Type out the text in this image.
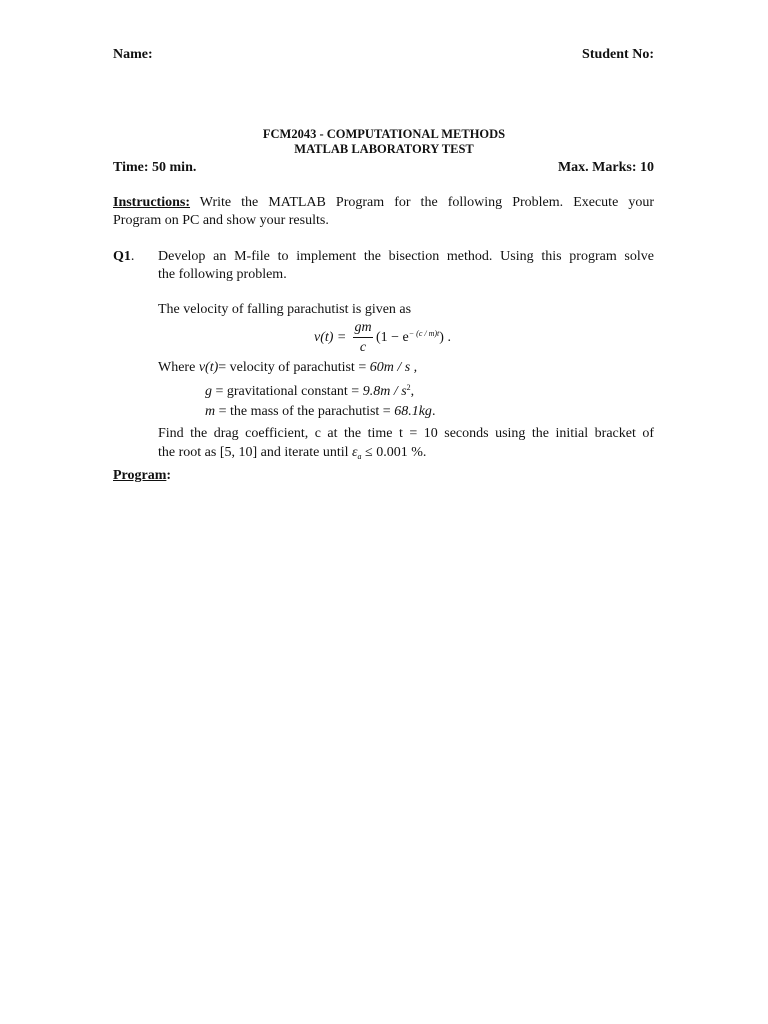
Name:	Student No:
FCM2043 - COMPUTATIONAL METHODS
MATLAB LABORATORY TEST
Time: 50 min.	Max. Marks: 10
Instructions: Write the MATLAB Program for the following Problem. Execute your
Program on PC and show your results.
Q1. Develop an M-file to implement the bisection method. Using this program solve
the following problem.
The velocity of falling parachutist is given as
v(t) =
gm
c
$(1 - e^{- (c / m)t})$ .
Where v(t)= velocity of parachutist = 60m / s ,
g = gravitational constant = $9.8m / s^2$,
m = the mass of the parachutist = 68.1kg.
Find the drag coefficient, c at the time t = 10 seconds using the initial bracket of
the root as [5, 10] and iterate until $\varepsilon_a \le 0.001$ %.
Program:
